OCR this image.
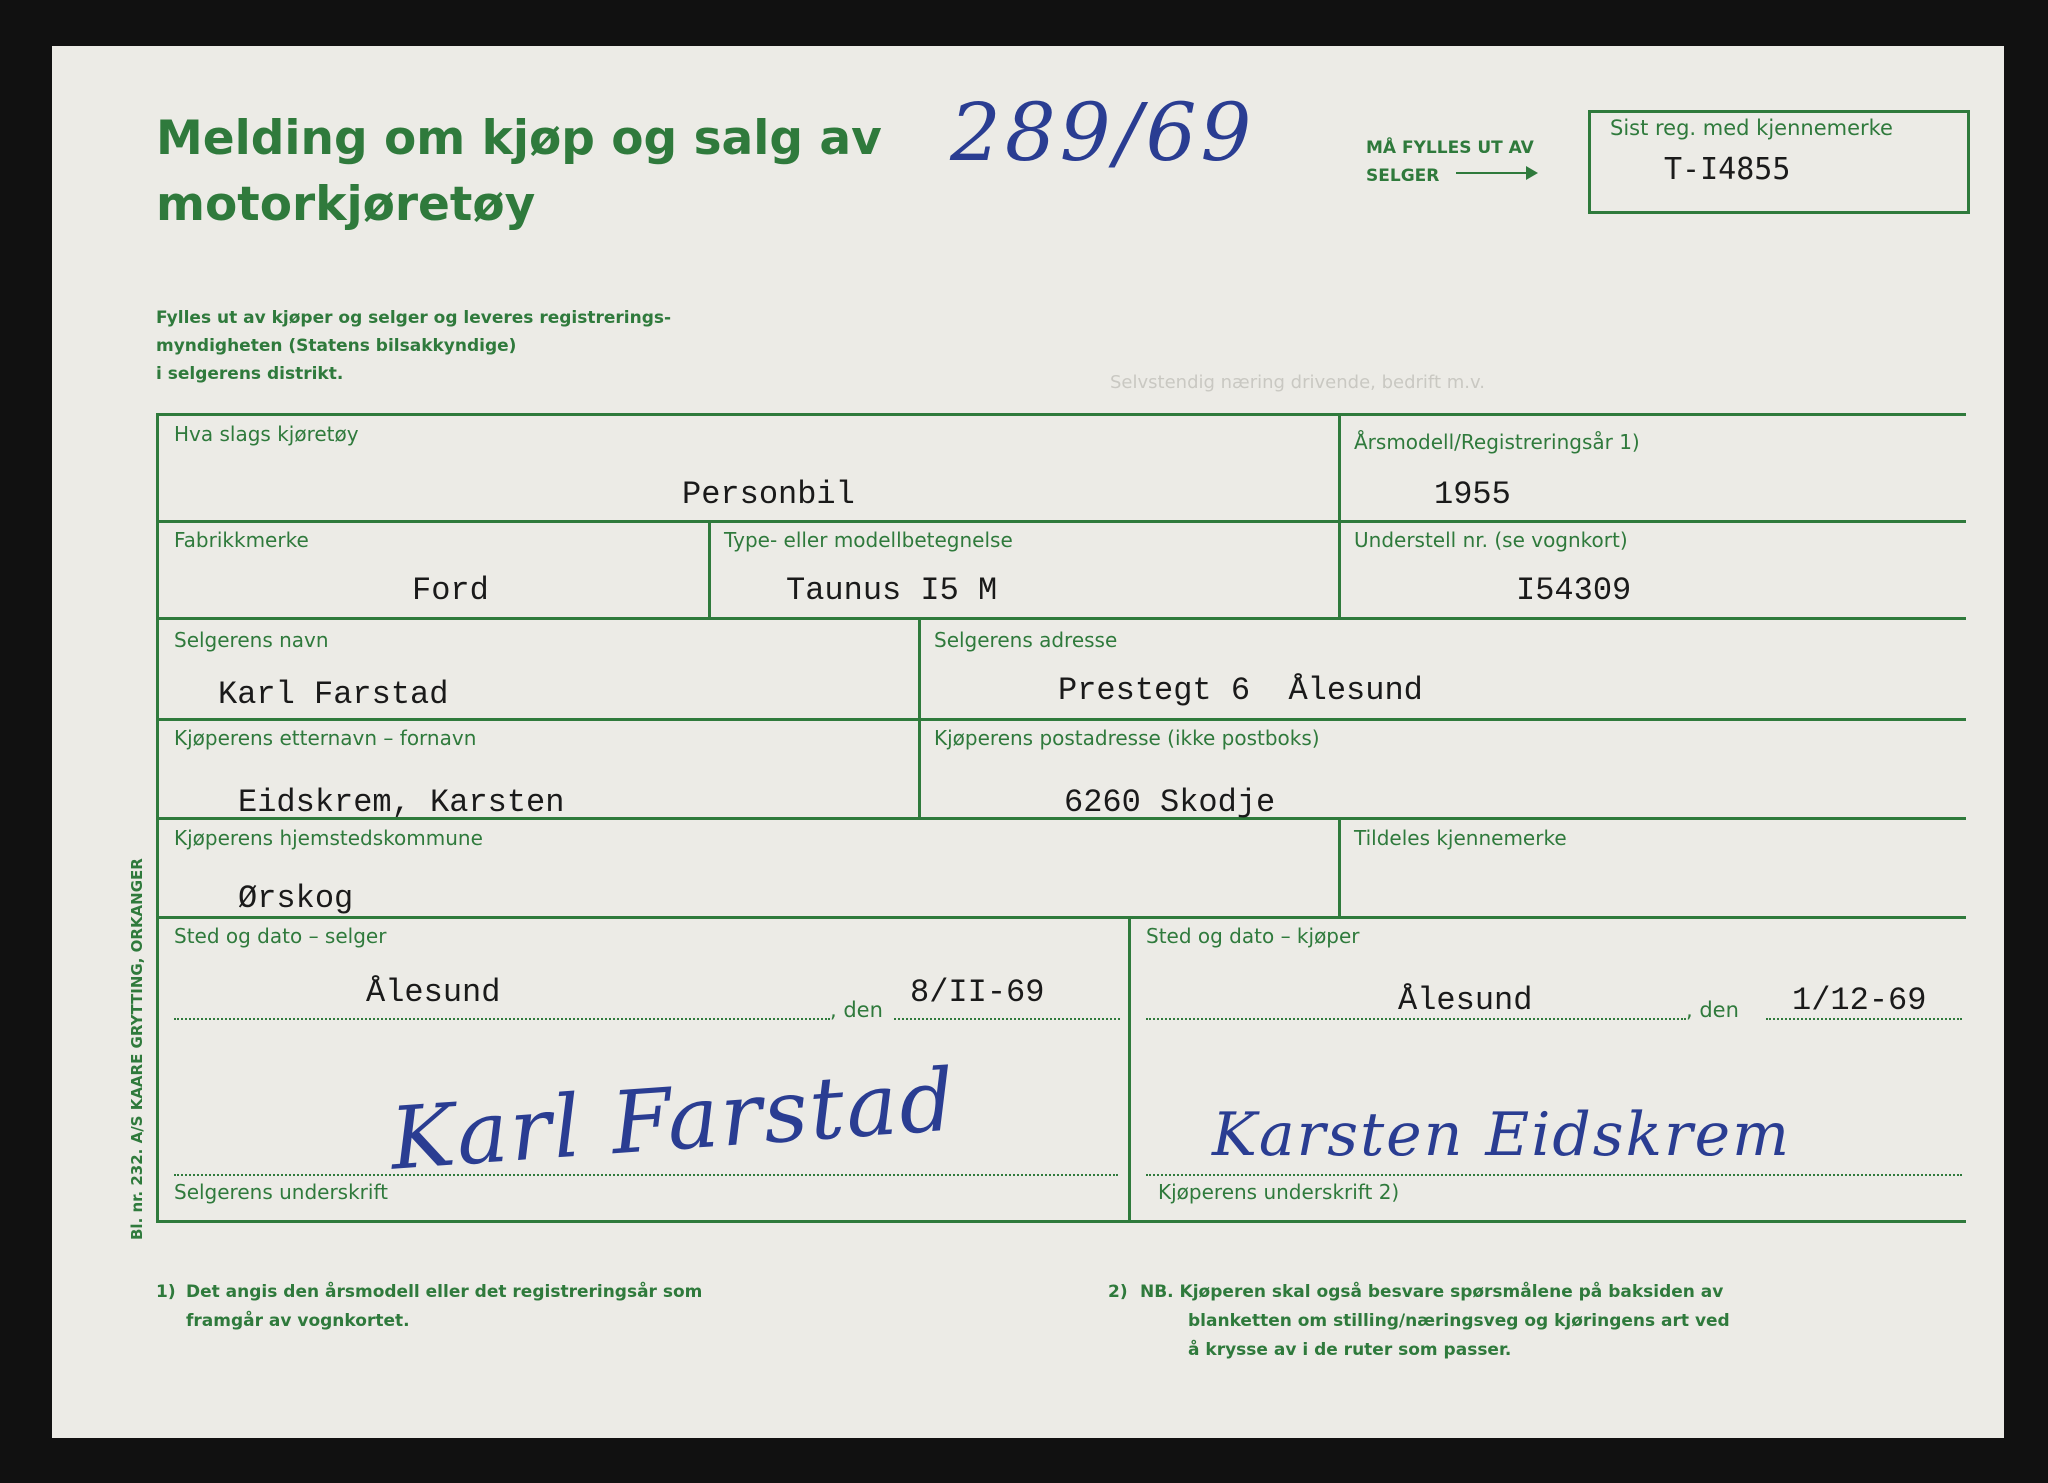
Melding om kjøp og salg av
motorkjøretøy
289/69
Fylles ut av kjøper og selger og leveres registrerings-
myndigheten (Statens bilsakkyndige)
i selgerens distrikt.
MÅ FYLLES UT AV
SELGER
Sist reg. med kjennemerke
T-I4855
Selvstendig næring drivende, bedrift m.v.
Hva slags kjøretøy
Personbil
Årsmodell/Registreringsår 1)
1955
Fabrikkmerke
Ford
Type- eller modellbetegnelse
Taunus I5 M
Understell nr. (se vognkort)
I54309
Selgerens navn
Karl Farstad
Selgerens adresse
Prestegt 6  Ålesund
Kjøperens etternavn – fornavn
Eidskrem, Karsten
Kjøperens postadresse (ikke postboks)
6260 Skodje
Kjøperens hjemstedskommune
Ørskog
Tildeles kjennemerke
Sted og dato – selger
Ålesund	, den 8/II-69
Sted og dato – kjøper
Ålesund	, den 1/12-69
Karl Farstad
Selgerens underskrift
Karsten Eidskrem
Kjøperens underskrift 2)
Bl. nr. 232. A/S KAARE GRYTTING, ORKANGER
1) Det angis den årsmodell eller det registreringsår som
framgår av vognkortet.
2) NB. Kjøperen skal også besvare spørsmålene på baksiden av
blanketten om stilling/næringsveg og kjøringens art ved
å krysse av i de ruter som passer.
